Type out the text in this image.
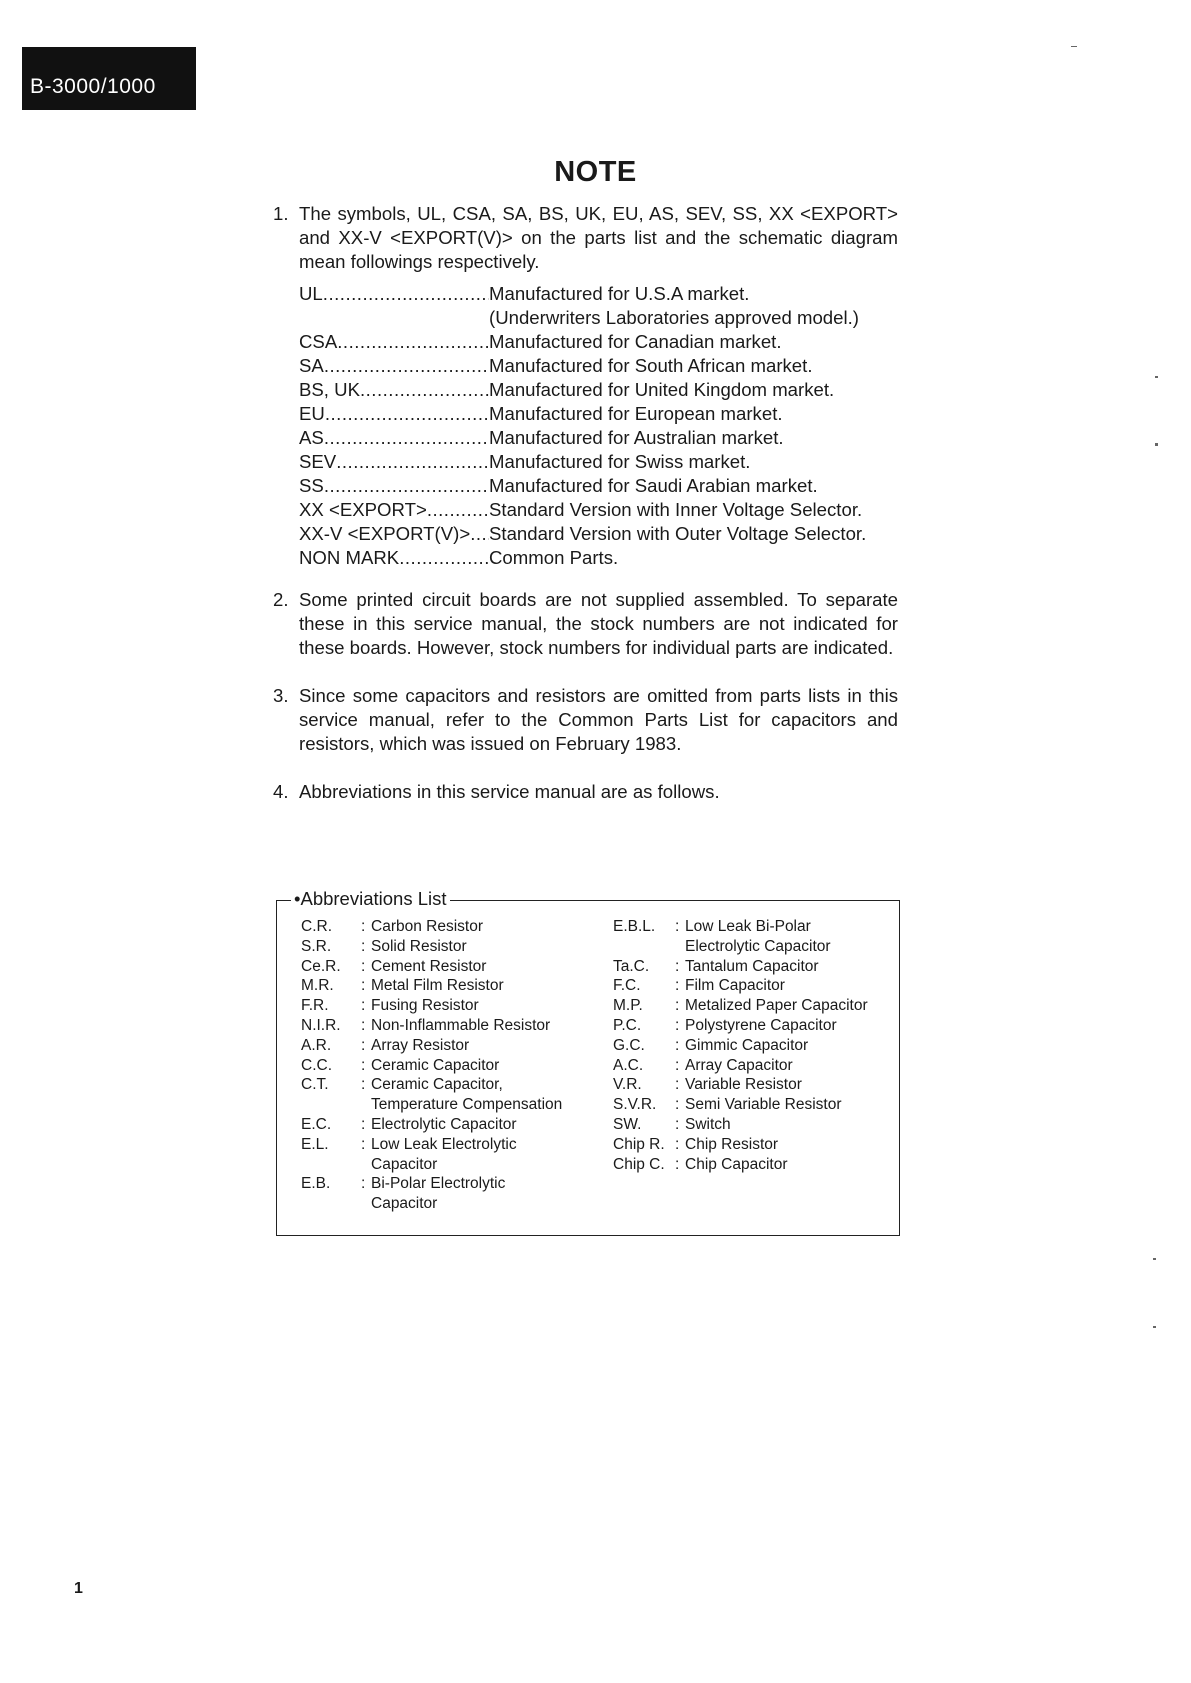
B-3000/1000
NOTE
1. The symbols, UL, CSA, SA, BS, UK, EU, AS, SEV, SS, XX <EXPORT> and XX-V <EXPORT(V)> on the parts list and the schematic diagram mean followings respectively.
UL .....	Manufactured for U.S.A market.
(Underwriters Laboratories approved model.)
CSA .....	Manufactured for Canadian market.
SA .....	Manufactured for South African market.
BS, UK .....	Manufactured for United Kingdom market.
EU .....	Manufactured for European market.
AS .....	Manufactured for Australian market.
SEV .....	Manufactured for Swiss market.
SS .....	Manufactured for Saudi Arabian market.
XX <EXPORT> .....	Standard Version with Inner Voltage Selector.
XX-V <EXPORT(V)> ..... Standard Version with Outer Voltage Selector.
NON MARK .....	Common Parts.
2. Some printed circuit boards are not supplied assembled. To separate these in this service manual, the stock numbers are not indicated for these boards. However, stock numbers for individual parts are indicated.
3. Since some capacitors and resistors are omitted from parts lists in this service manual, refer to the Common Parts List for capacitors and resistors, which was issued on February 1983.
4. Abbreviations in this service manual are as follows.
•Abbreviations List
C.R.	: Carbon Resistor
S.R.	: Solid Resistor
Ce.R.	: Cement Resistor
M.R.	: Metal Film Resistor
F.R.	: Fusing Resistor
N.I.R.	: Non-Inflammable Resistor
A.R.	: Array Resistor
C.C.	: Ceramic Capacitor
C.T.	: Ceramic Capacitor,
Temperature Compensation
E.C.	: Electrolytic Capacitor
E.L.	: Low Leak Electrolytic
Capacitor
E.B.	: Bi-Polar Electrolytic
Capacitor
E.B.L.	: Low Leak Bi-Polar
Electrolytic Capacitor
Ta.C.	: Tantalum Capacitor
F.C.	: Film Capacitor
M.P.	: Metalized Paper Capacitor
P.C.	: Polystyrene Capacitor
G.C.	: Gimmic Capacitor
A.C.	: Array Capacitor
V.R.	: Variable Resistor
S.V.R.	: Semi Variable Resistor
SW.	: Switch
Chip R.	: Chip Resistor
Chip C.	: Chip Capacitor
1
